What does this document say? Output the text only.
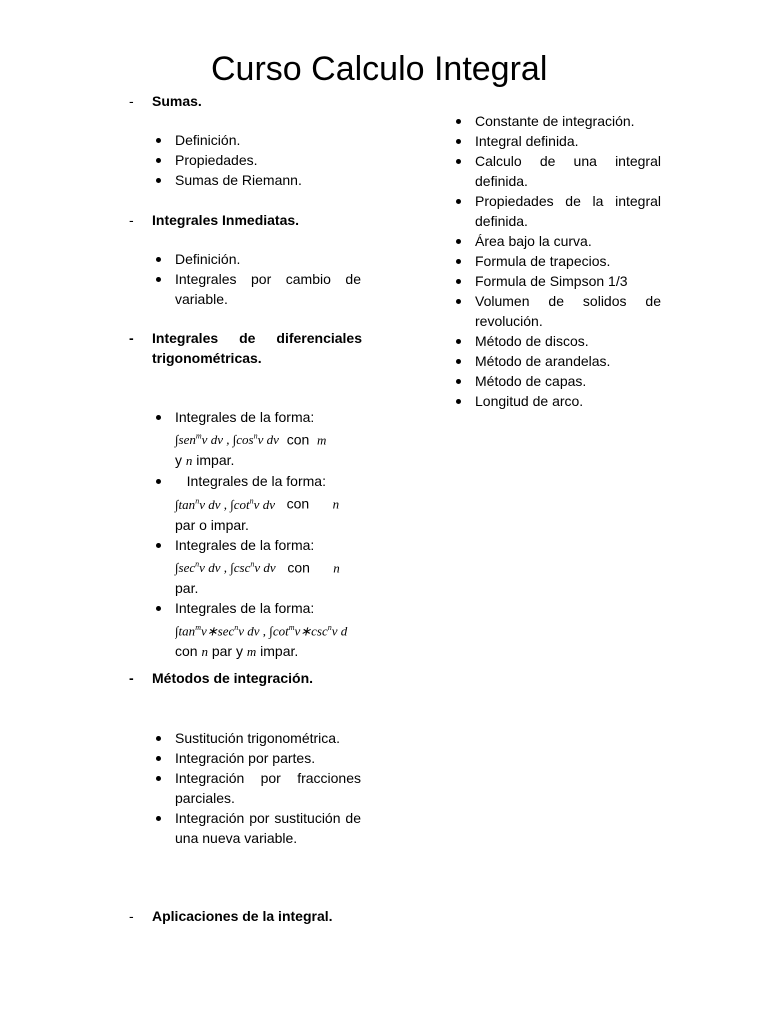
Curso Calculo Integral
- Sumas.
Definición.
Propiedades.
Sumas de Riemann.
- Integrales Inmediatas.
Definición.
Integrales por cambio de variable.
- Integrales de diferenciales trigonométricas.
Integrales de la forma:
∫sen$^m$v dv , $\int\cos^nv$ dv con m
y n impar.
Integrales de la forma:
$\int\tan^nv$ dv , $\int\cot^nv$ dv con n
par o impar.
Integrales de la forma:
$\int\sec^nv$ dv , $\int\csc^nv$ dv con n
par.
Integrales de la forma:

$\int\tan^mv∗\sec^nv$ dv , $\int\cot^mv∗\csc^nv$ d
con n par y m impar.
- Métodos de integración.
Sustitución trigonométrica.
Integración por partes.
Integración por fracciones parciales.
Integración por sustitución de una nueva variable.
- Aplicaciones de la integral.
Constante de integración.
Integral definida.
Calculo de una integral definida.
Propiedades de la integral definida.
Área bajo la curva.
Formula de trapecios.
Formula de Simpson 1/3
Volumen de solidos de revolución.
Método de discos.
Método de arandelas.
Método de capas.
Longitud de arco.
